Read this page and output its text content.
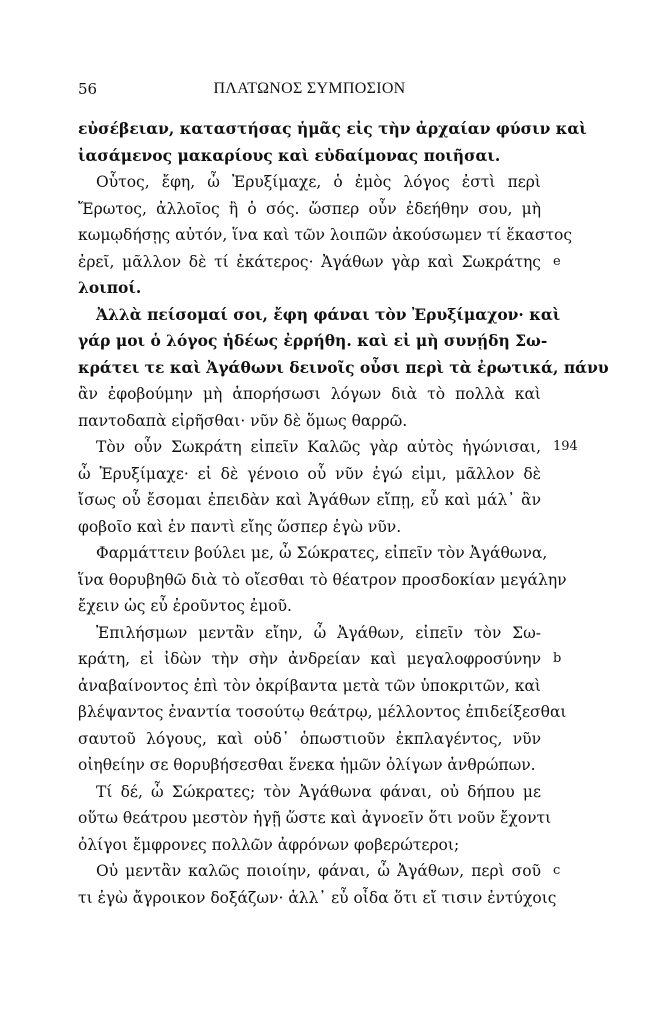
56	ΠΛΑΤΩΝΟΣ ΣΥΜΠΟΣΙΟΝ
εὐσέβειαν, καταστήσας ἡμᾶς εἰς τὴν ἀρχαίαν φύσιν καὶ
ἰασάμενος μακαρίους καὶ εὐδαίμονας ποιῆσαι.
Οὗτος, ἔφη, ὦ Ἐρυξίμαχε, ὁ ἐμὸς λόγος ἐστὶ περὶ
Ἔρωτος, ἀλλοῖος ἢ ὁ σός. ὥσπερ οὖν ἐδεήθην σου, μὴ
κωμῳδήσῃς αὐτόν, ἵνα καὶ τῶν λοιπῶν ἀκούσωμεν τί ἕκαστος
ἐρεῖ, μᾶλλον δὲ τί ἑκάτερος· Ἀγάθων γὰρ καὶ Σωκράτης e
λοιποί.
Ἀλλὰ πείσομαί σοι, ἔφη φάναι τὸν Ἐρυξίμαχον· καὶ
γάρ μοι ὁ λόγος ἡδέως ἐρρήθη. καὶ εἰ μὴ συνῄδη Σω-
κράτει τε καὶ Ἀγάθωνι δεινοῖς οὖσι περὶ τὰ ἐρωτικά, πάνυ
ἂν ἐφοβούμην μὴ ἀπορήσωσι λόγων διὰ τὸ πολλὰ καὶ
παντοδαπὰ εἰρῆσθαι· νῦν δὲ ὅμως θαρρῶ.
Τὸν οὖν Σωκράτη εἰπεῖν Καλῶς γὰρ αὐτὸς ἠγώνισαι, 194
ὦ Ἐρυξίμαχε· εἰ δὲ γένοιο οὗ νῦν ἐγώ εἰμι, μᾶλλον δὲ
ἴσως οὗ ἔσομαι ἐπειδὰν καὶ Ἀγάθων εἴπῃ, εὖ καὶ μάλ᾽ ἂν
φοβοῖο καὶ ἐν παντὶ εἴης ὥσπερ ἐγὼ νῦν.
Φαρμάττειν βούλει με, ὦ Σώκρατες, εἰπεῖν τὸν Ἀγάθωνα,
ἵνα θορυβηθῶ διὰ τὸ οἴεσθαι τὸ θέατρον προσδοκίαν μεγάλην
ἔχειν ὡς εὖ ἐροῦντος ἐμοῦ.
Ἐπιλήσμων μεντἂν εἴην, ὦ Ἀγάθων, εἰπεῖν τὸν Σω-
κράτη, εἰ ἰδὼν τὴν σὴν ἀνδρείαν καὶ μεγαλοφροσύνην b
ἀναβαίνοντος ἐπὶ τὸν ὀκρίβαντα μετὰ τῶν ὑποκριτῶν, καὶ
βλέψαντος ἐναντία τοσούτῳ θεάτρῳ, μέλλοντος ἐπιδείξεσθαι
σαυτοῦ λόγους, καὶ οὐδ᾽ ὁπωστιοῦν ἐκπλαγέντος, νῦν
οἰηθείην σε θορυβήσεσθαι ἕνεκα ἡμῶν ὀλίγων ἀνθρώπων.
Τί δέ, ὦ Σώκρατες; τὸν Ἀγάθωνα φάναι, οὐ δήπου με
οὕτω θεάτρου μεστὸν ἡγῇ ὥστε καὶ ἀγνοεῖν ὅτι νοῦν ἔχοντι
ὀλίγοι ἔμφρονες πολλῶν ἀφρόνων φοβερώτεροι;
Οὐ μεντἂν καλῶς ποιοίην, φάναι, ὦ Ἀγάθων, περὶ σοῦ c
τι ἐγὼ ἄγροικον δοξάζων· ἀλλ᾽ εὖ οἶδα ὅτι εἴ τισιν ἐντύχοις
